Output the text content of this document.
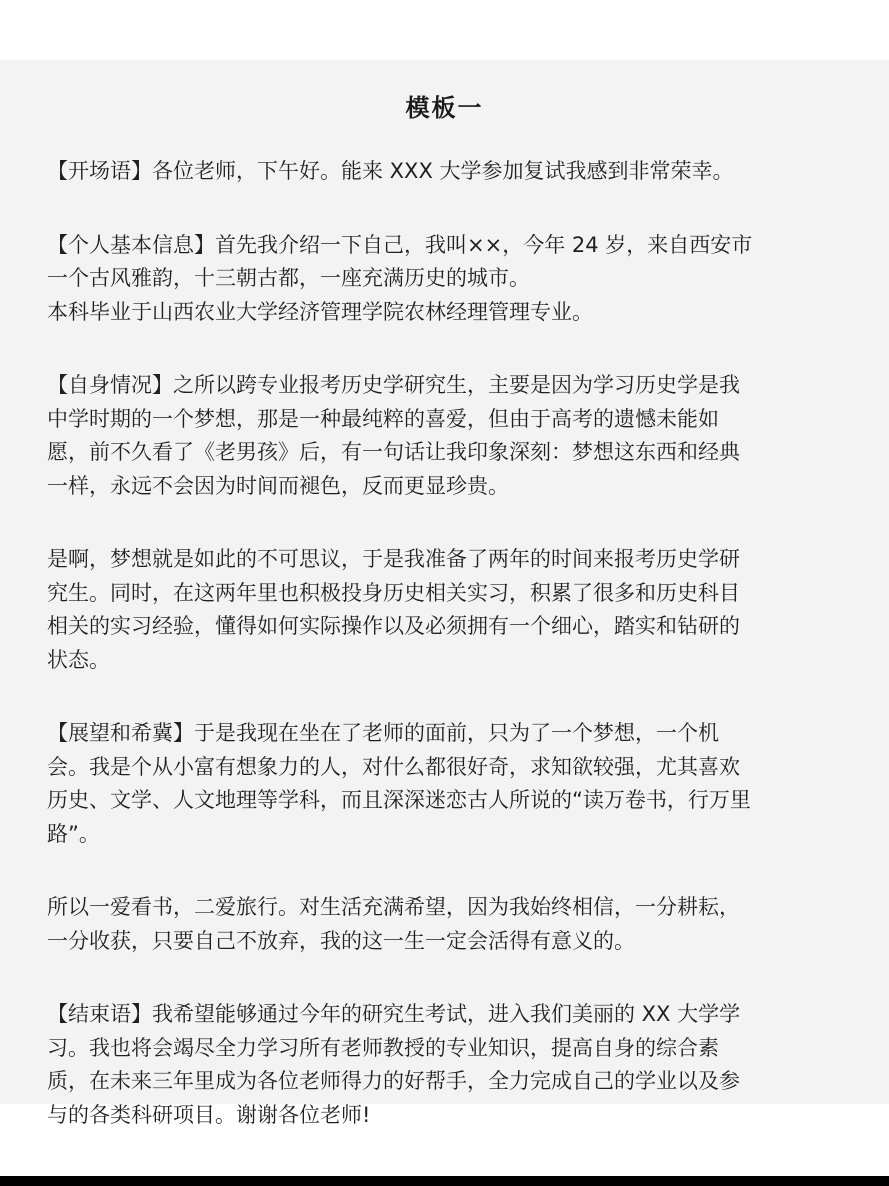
模板一

【开场语】各位老师，下午好。能来 XXX 大学参加复试我感到非常荣幸。

【个人基本信息】首先我介绍一下自己，我叫××，今年 24 岁，来自西安市
一个古风雅韵，十三朝古都，一座充满历史的城市。
本科毕业于山西农业大学经济管理学院农林经理管理专业。

【自身情况】之所以跨专业报考历史学研究生，主要是因为学习历史学是我
中学时期的一个梦想，那是一种最纯粹的喜爱，但由于高考的遗憾未能如
愿，前不久看了《老男孩》后，有一句话让我印象深刻：梦想这东西和经典
一样，永远不会因为时间而褪色，反而更显珍贵。

是啊，梦想就是如此的不可思议，于是我准备了两年的时间来报考历史学研
究生。同时，在这两年里也积极投身历史相关实习，积累了很多和历史科目
相关的实习经验，懂得如何实际操作以及必须拥有一个细心，踏实和钻研的
状态。

【展望和希冀】于是我现在坐在了老师的面前，只为了一个梦想，一个机
会。我是个从小富有想象力的人，对什么都很好奇，求知欲较强，尤其喜欢
历史、文学、人文地理等学科，而且深深迷恋古人所说的“读万卷书，行万里
路”。

所以一爱看书，二爱旅行。对生活充满希望，因为我始终相信，一分耕耘，
一分收获，只要自己不放弃，我的这一生一定会活得有意义的。

【结束语】我希望能够通过今年的研究生考试，进入我们美丽的 XX 大学学
习。我也将会竭尽全力学习所有老师教授的专业知识，提高自身的综合素
质，在未来三年里成为各位老师得力的好帮手，全力完成自己的学业以及参
与的各类科研项目。谢谢各位老师!
